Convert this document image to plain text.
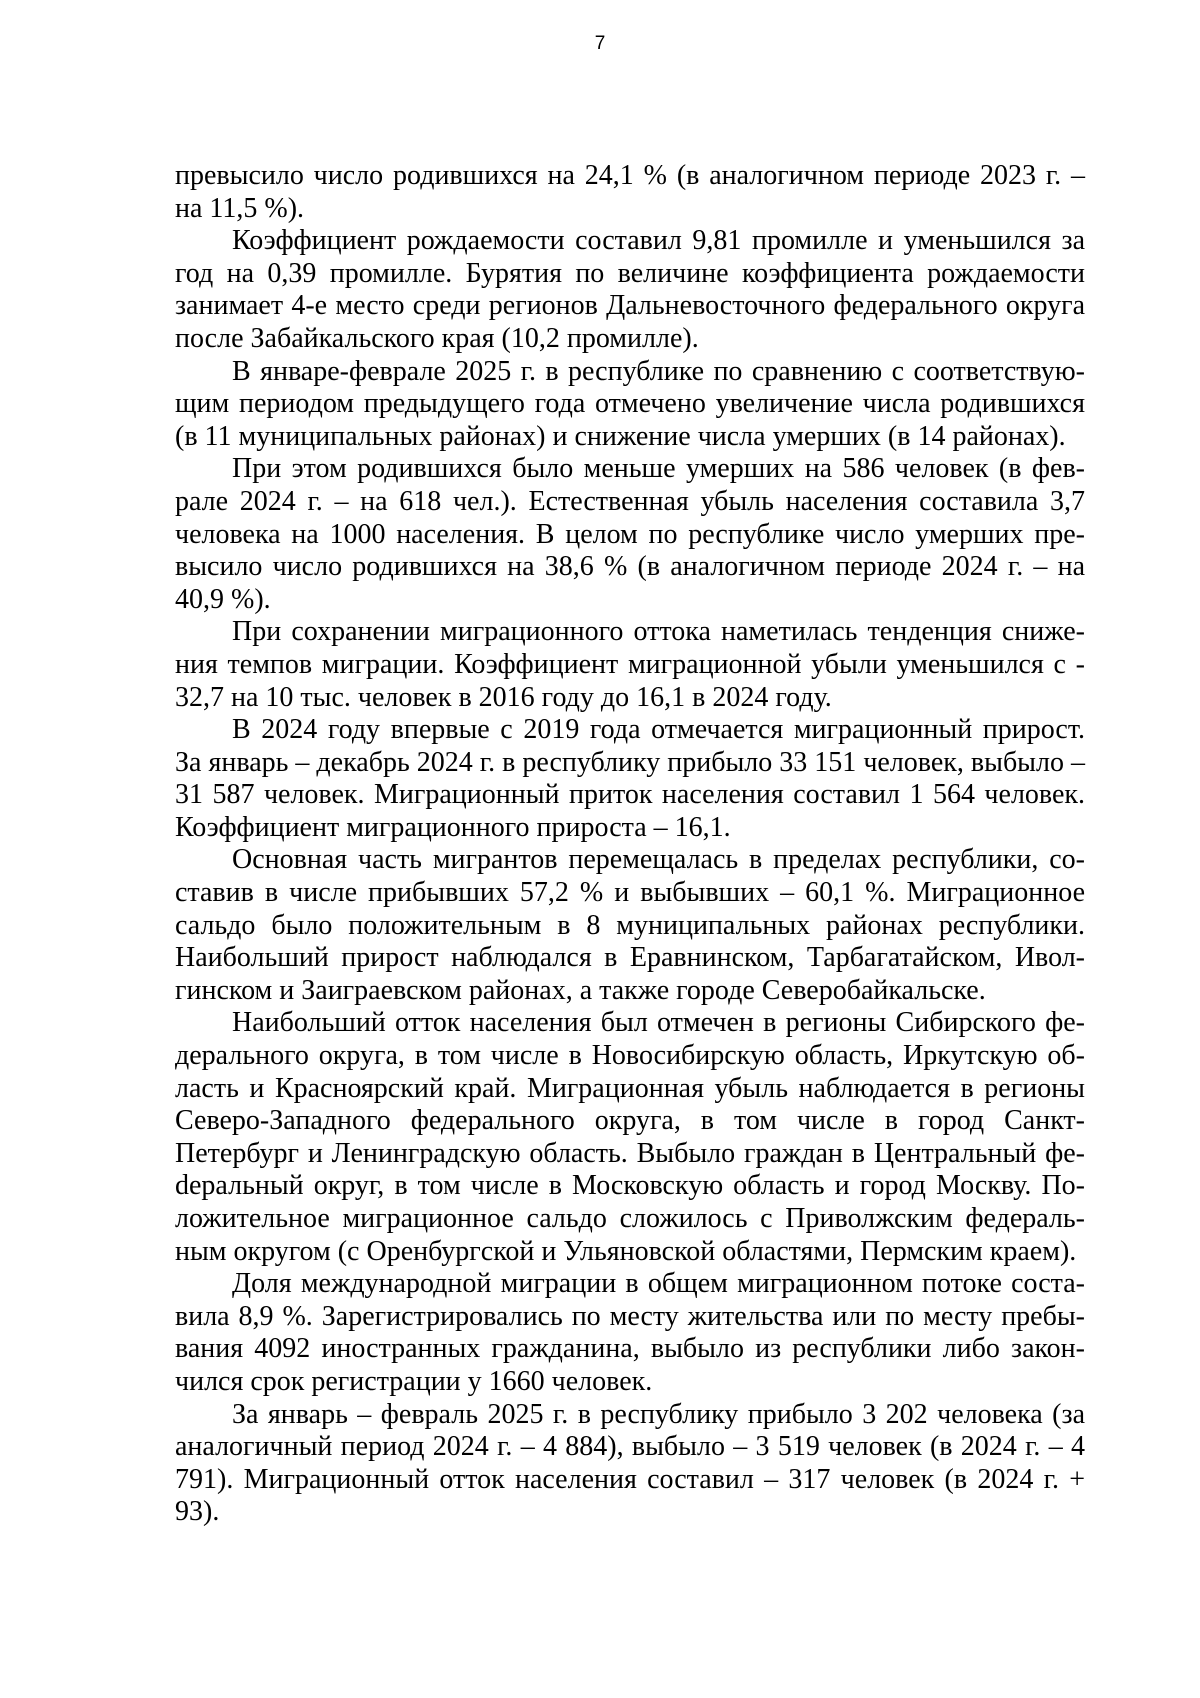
7

превысило число родившихся на 24,1 % (в аналогичном периоде 2023 г. – на 11,5 %).

Коэффициент рождаемости составил 9,81 промилле и уменьшился за год на 0,39 промилле. Бурятия по величине коэффициента рождаемости занимает 4-е место среди регионов Дальневосточного федерального округа после Забайкальского края (10,2 промилле).

В январе-феврале 2025 г. в республике по сравнению с соответствующим периодом предыдущего года отмечено увеличение числа родившихся (в 11 муниципальных районах) и снижение числа умерших (в 14 районах).

При этом родившихся было меньше умерших на 586 человек (в феврале 2024 г. – на 618 чел.). Естественная убыль населения составила 3,7 человека на 1000 населения. В целом по республике число умерших превысило число родившихся на 38,6 % (в аналогичном периоде 2024 г. – на 40,9 %).

При сохранении миграционного оттока наметилась тенденция снижения темпов миграции. Коэффициент миграционной убыли уменьшился с - 32,7 на 10 тыс. человек в 2016 году до 16,1 в 2024 году.

В 2024 году впервые с 2019 года отмечается миграционный прирост. За январь – декабрь 2024 г. в республику прибыло 33 151 человек, выбыло – 31 587 человек. Миграционный приток населения составил 1 564 человек. Коэффициент миграционного прироста – 16,1.

Основная часть мигрантов перемещалась в пределах республики, составив в числе прибывших 57,2 % и выбывших – 60,1 %. Миграционное сальдо было положительным в 8 муниципальных районах республики. Наибольший прирост наблюдался в Еравнинском, Тарбагатайском, Иволгинском и Заиграевском районах, а также городе Северобайкальске.

Наибольший отток населения был отмечен в регионы Сибирского федерального округа, в том числе в Новосибирскую область, Иркутскую область и Красноярский край. Миграционная убыль наблюдается в регионы Северо-Западного федерального округа, в том числе в город Санкт-Петербург и Ленинградскую область. Выбыло граждан в Центральный феdеральный округ, в том числе в Московскую область и город Москву. Положительное миграционное сальдо сложилось с Приволжским федеральным округом (с Оренбургской и Ульяновской областями, Пермским краем).

Доля международной миграции в общем миграционном потоке составила 8,9 %. Зарегистрировались по месту жительства или по месту пребывания 4092 иностранных гражданина, выбыло из республики либо закончился срок регистрации у 1660 человек.

За январь – февраль 2025 г. в республику прибыло 3 202 человека (за аналогичный период 2024 г. – 4 884), выбыло – 3 519 человек (в 2024 г. – 4 791). Миграционный отток населения составил – 317 человек (в 2024 г. + 93).
